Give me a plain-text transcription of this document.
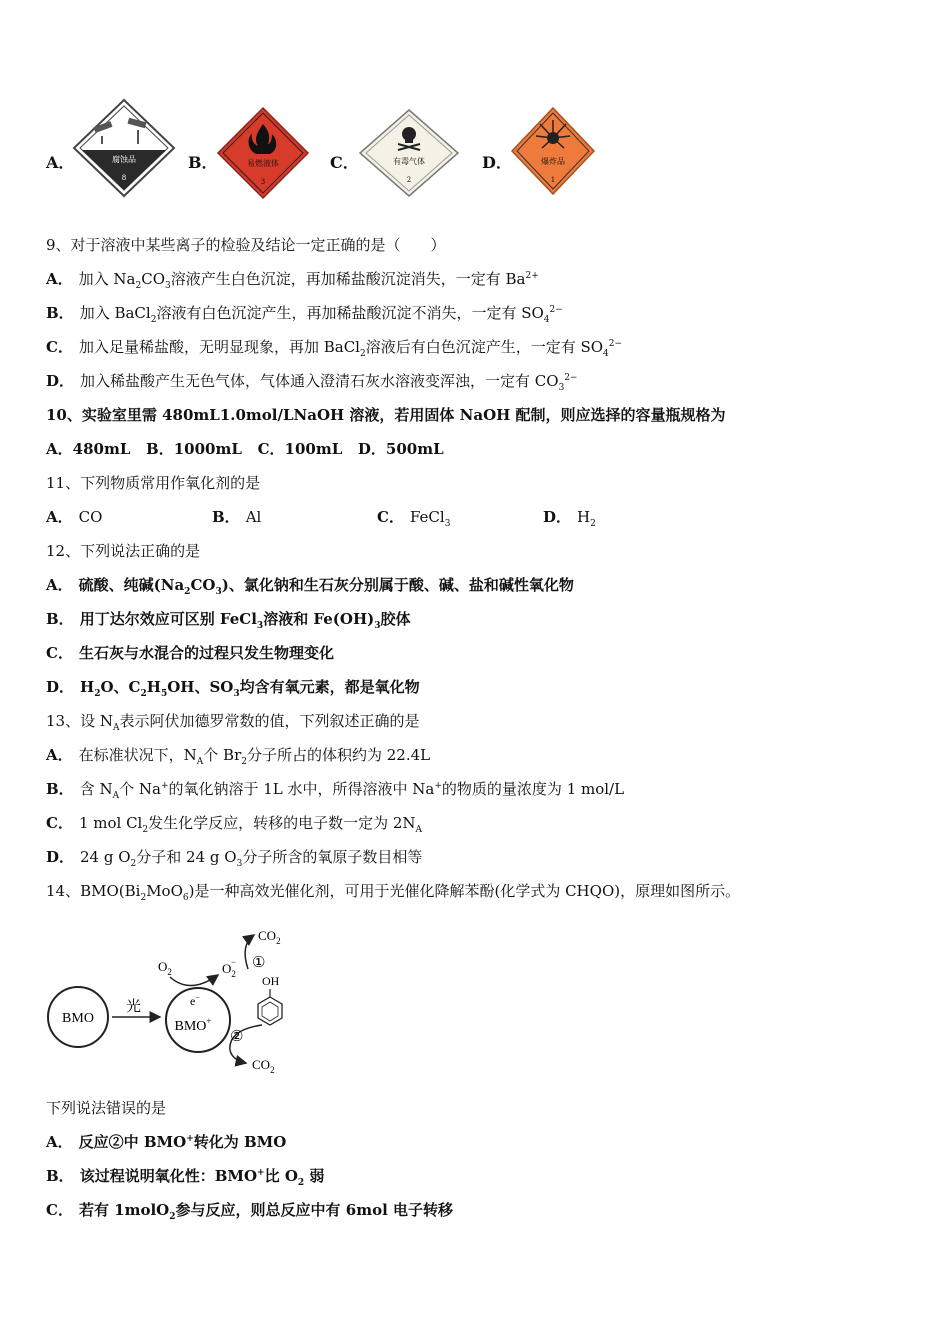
A．	腐蚀品
8
B．	易燃液体
3
C．	有毒气体
2
D．	爆炸品
1
9、对于溶液中某些离子的检验及结论一定正确的是（　　）
A． 加入 $Na_2CO_3$溶液产生白色沉淀，再加稀盐酸沉淀消失，一定有 $Ba^{2+}$
B． 加入 BaCl$_2$溶液有白色沉淀产生，再加稀盐酸沉淀不消失，一定有 $SO_4^{2-}$
C． 加入足量稀盐酸，无明显现象，再加 BaCl$_2$溶液后有白色沉淀产生，一定有 $SO_4^{2-}$
D． 加入稀盐酸产生无色气体，气体通入澄清石灰水溶液变浑浊，一定有 $CO_3^{2-}$
10、实验室里需 480mL1.0mol/LNaOH 溶液，若用固体 NaOH 配制，则应选择的容量瓶规格为
A．480mL B．1000mL C．100mL D．500mL
11、下列物质常用作氧化剂的是
A． CO	B． Al	C． FeCl$_3$	D． $H_2$
12、下列说法正确的是
A． 硫酸、纯碱$(Na_2CO_3)$、氯化钠和生石灰分别属于酸、碱、盐和碱性氧化物
B． 用丁达尔效应可区别 FeCl$_3$溶液和 $Fe(OH)_3$胶体
C． 生石灰与水混合的过程只发生物理变化
D． $H_2O$、$C_2H_5OH$、$SO_3$均含有氧元素，都是氧化物
13、设 $N_A$表示阿伏加德罗常数的值，下列叙述正确的是
A． 在标准状况下，$N_A$个 $Br_2$分子所占的体积约为 22.4L
B． 含 $N_A$个 Na+的氧化钠溶于 1L 水中，所得溶液中 Na+的物质的量浓度为 1 mol/L
C． 1 mol $Cl_2$发生化学反应，转移的电子数一定为 $2N_A$
D． 24 g $O_2$分子和 24 g $O_3$分子所含的氧原子数目相等
14、$BMO(Bi_2MoO_6)$是一种高效光催化剂，可用于光催化降解苯酚(化学式为 CHQO)，原理如图所示。
BMO
光
BMO+
e−
$O_2$	$O_2-$
$CO_2$
①
OH
②
$CO_2$
下列说法错误的是
A． 反应②中 BMO+转化为 BMO
B． 该过程说明氧化性：BMO+比 $O_2$ 弱
C． 若有 1molO$_2$参与反应，则总反应中有 6mol 电子转移
